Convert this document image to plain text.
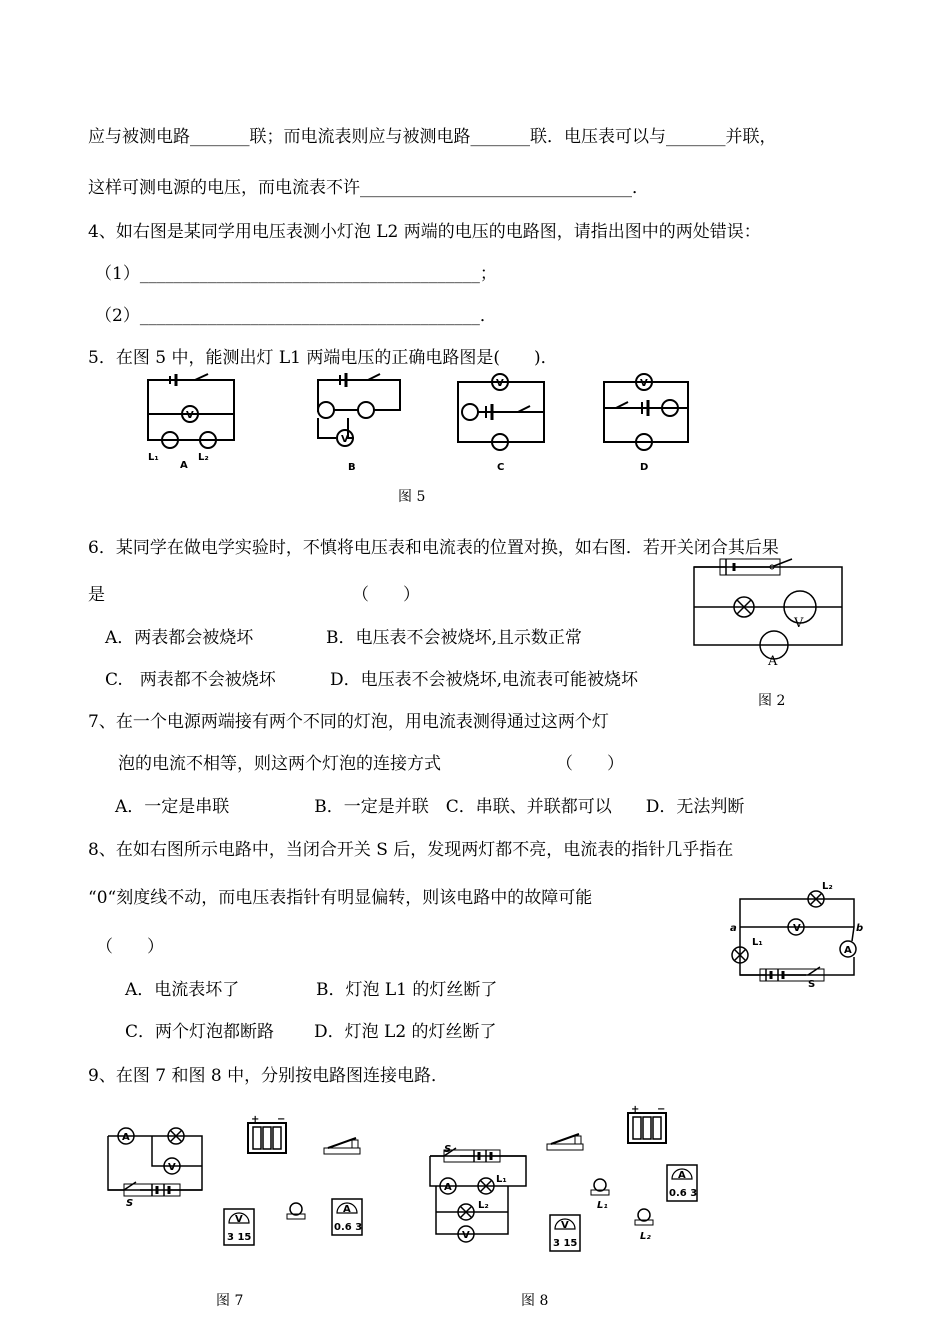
应与被测电路_______联；而电流表则应与被测电路_______联．电压表可以与_______并联，
这样可测电源的电压，而电流表不许________________________________．
4、如右图是某同学用电压表测小灯泡 L2 两端的电压的电路图，请指出图中的两处错误：
（1）________________________________________；
（2）________________________________________．
5．在图 5 中，能测出灯 L1 两端电压的正确电路图是(　　)．
V
L₁	L₂
A
V
B
V
C
V
D
图 5
6．某同学在做电学实验时，不慎将电压表和电流表的位置对换，如右图．若开关闭合其后果
是	（　　）
A．两表都会被烧坏	B．电压表不会被烧坏,且示数正常
C.　两表都不会被烧坏	D．电压表不会被烧坏,电流表可能被烧坏
V
A
图 2
7、在一个电源两端接有两个不同的灯泡，用电流表测得通过这两个灯
泡的电流不相等，则这两个灯泡的连接方式	（　　）
A．一定是串联　　　　　B．一定是并联　C．串联、并联都可以　　D．无法判断
8、在如右图所示电路中，当闭合开关 S 后，发现两灯都不亮，电流表的指针几乎指在
“0“刻度线不动，而电压表指针有明显偏转，则该电路中的故障可能
（　　）
A．电流表坏了	B．灯泡 L1 的灯丝断了
C．两个灯泡都断路 D．灯泡 L2 的灯丝断了
L₂
V
A
L₁
a	b
S
9、在图 7 和图 8 中，分别按电路图连接电路．
A
V
S
+ −
V
3 15
A
0.6 3
图 7
S
A
L₁
L₂
V
+ −
L₁
A
0.6 3
V
3 15
L₂
图 8
